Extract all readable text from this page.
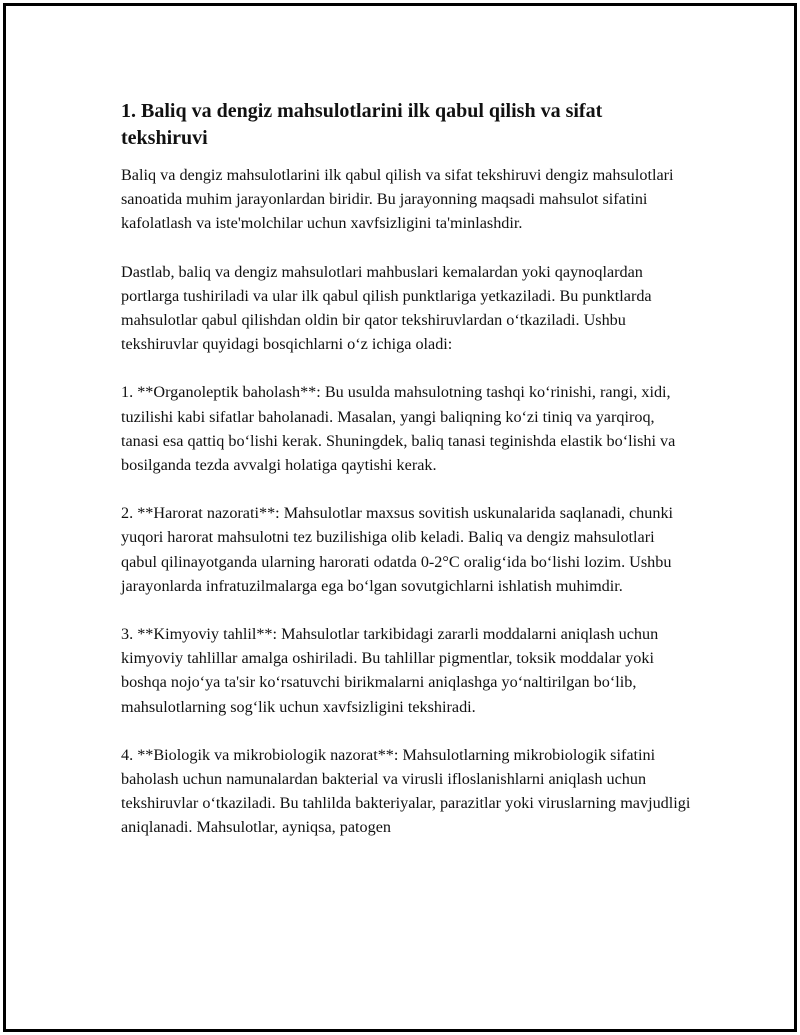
1. Baliq va dengiz mahsulotlarini ilk qabul qilish va sifat tekshiruvi

Baliq va dengiz mahsulotlarini ilk qabul qilish va sifat tekshiruvi dengiz mahsulotlari sanoatida muhim jarayonlardan biridir. Bu jarayonning maqsadi mahsulot sifatini kafolatlash va iste'molchilar uchun xavfsizligini ta'minlashdir.

Dastlab, baliq va dengiz mahsulotlari mahbuslari kemalardan yoki qaynoqlardan portlarga tushiriladi va ular ilk qabul qilish punktlariga yetkaziladi. Bu punktlarda mahsulotlar qabul qilishdan oldin bir qator tekshiruvlardan oʻtkaziladi. Ushbu tekshiruvlar quyidagi bosqichlarni oʻz ichiga oladi:

1. **Organoleptik baholash**: Bu usulda mahsulotning tashqi koʻrinishi, rangi, xidi, tuzilishi kabi sifatlar baholanadi. Masalan, yangi baliqning koʻzi tiniq va yarqiroq, tanasi esa qattiq boʻlishi kerak. Shuningdek, baliq tanasi teginishda elastik boʻlishi va bosilganda tezda avvalgi holatiga qaytishi kerak.

2. **Harorat nazorati**: Mahsulotlar maxsus sovitish uskunalarida saqlanadi, chunki yuqori harorat mahsulotni tez buzilishiga olib keladi. Baliq va dengiz mahsulotlari qabul qilinayotganda ularning harorati odatda 0-2°C oraligʻida boʻlishi lozim. Ushbu jarayonlarda infratuzilmalarga ega boʻlgan sovutgichlarni ishlatish muhimdir.

3. **Kimyoviy tahlil**: Mahsulotlar tarkibidagi zararli moddalarni aniqlash uchun kimyoviy tahlillar amalga oshiriladi. Bu tahlillar pigmentlar, toksik moddalar yoki boshqa nojoʻya ta'sir koʻrsatuvchi birikmalarni aniqlashga yoʻnaltirilgan boʻlib, mahsulotlarning sogʻlik uchun xavfsizligini tekshiradi.

4. **Biologik va mikrobiologik nazorat**: Mahsulotlarning mikrobiologik sifatini baholash uchun namunalardan bakterial va virusli ifloslanishlarni aniqlash uchun tekshiruvlar oʻtkaziladi. Bu tahlilda bakteriyalar, parazitlar yoki viruslarning mavjudligi aniqlanadi. Mahsulotlar, ayniqsa, patogen
